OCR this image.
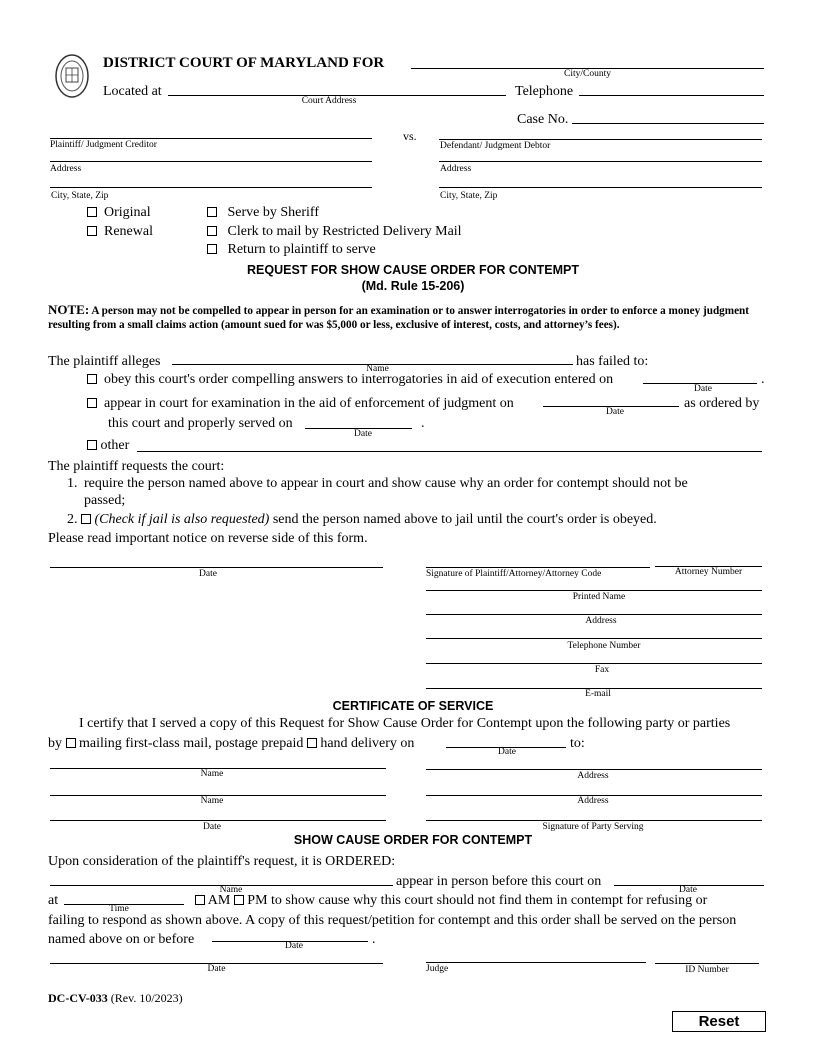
DISTRICT COURT OF MARYLAND FOR
City/County
Located at
Court Address
Telephone
Case No.
vs.
Plaintiff/ Judgment Creditor	Defendant/ Judgment Debtor
Address	Address
City, State, Zip	City, State, Zip
Original
Renewal
Serve by Sheriff
Clerk to mail by Restricted Delivery Mail
Return to plaintiff to serve
REQUEST FOR SHOW CAUSE ORDER FOR CONTEMPT
(Md. Rule 15-206)
NOTE: A person may not be compelled to appear in person for an examination or to answer interrogatories in order to enforce a money judgment resulting from a small claims action (amount sued for was $5,000 or less, exclusive of interest, costs, and attorney’s fees).
The plaintiff alleges	Name	has failed to:
obey this court's order compelling answers to interrogatories in aid of execution entered on	.
Date
appear in court for examination in the aid of enforcement of judgment on
Date
as ordered by
this court and properly served on	.
Date
other
The plaintiff requests the court:
1. require the person named above to appear in court and show cause why an order for contempt should not be
passed;
2. (Check if jail is also requested) send the person named above to jail until the court's order is obeyed.
Please read important notice on reverse side of this form.
Date	Signature of Plaintiff/Attorney/Attorney Code	Attorney Number
Printed Name
Address
Telephone Number
Fax
E-mail
CERTIFICATE OF SERVICE
I certify that I served a copy of this Request for Show Cause Order for Contempt upon the following party or parties
by mailing first-class mail, postage prepaid hand delivery on
Date
to:
Name	Address
Name	Address
Date	Signature of Party Serving
SHOW CAUSE ORDER FOR CONTEMPT
Upon consideration of the plaintiff's request, it is ORDERED:
Name
appear in person before this court on
Date
at
Time
AM PM to show cause why this court should not find them in contempt for refusing or
failing to respond as shown above. A copy of this request/petition for contempt and this order shall be served on the person
named above on or before	Date	.
Date	Judge	ID Number
DC-CV-033 (Rev. 10/2023)
Reset
